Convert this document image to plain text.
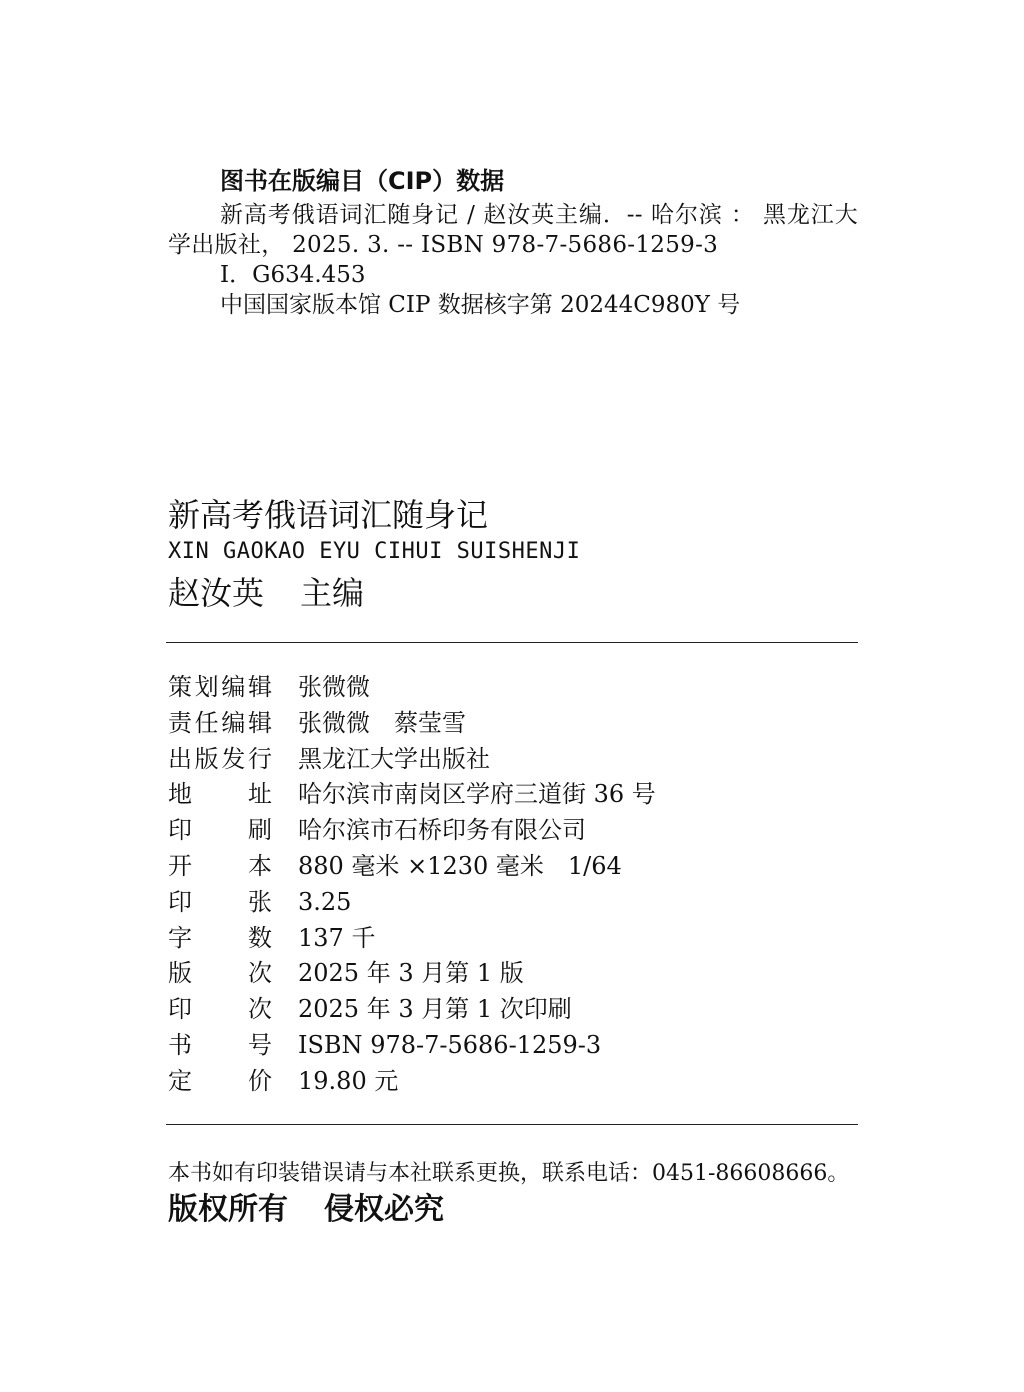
图书在版编目（CIP）数据

新高考俄语词汇随身记 / 赵汝英主编．-- 哈尔滨 ： 黑龙江大学出版社， 2025. 3. -- ISBN 978-7-5686-1259-3

Ⅰ．G634.453

中国国家版本馆 CIP 数据核字第 20244C980Y 号

新高考俄语词汇随身记
XIN GAOKAO EYU CIHUI SUISHENJI
赵汝英 主编
策 划 编 辑 张微微
责 任 编 辑 张微微　蔡莹雪
出 版 发 行 黑龙江大学出版社
地 址 哈尔滨市南岗区学府三道街 36 号
印 刷 哈尔滨市石桥印务有限公司
开 本 880 毫米 ×1230 毫米　1/64
印 张 3.25
字 数 137 千
版 次 2025 年 3 月第 1 版
印 次 2025 年 3 月第 1 次印刷
书 号 ISBN 978-7-5686-1259-3
定 价 19.80 元
本书如有印装错误请与本社联系更换，联系电话：0451-86608666。
版权所有 侵权必究
